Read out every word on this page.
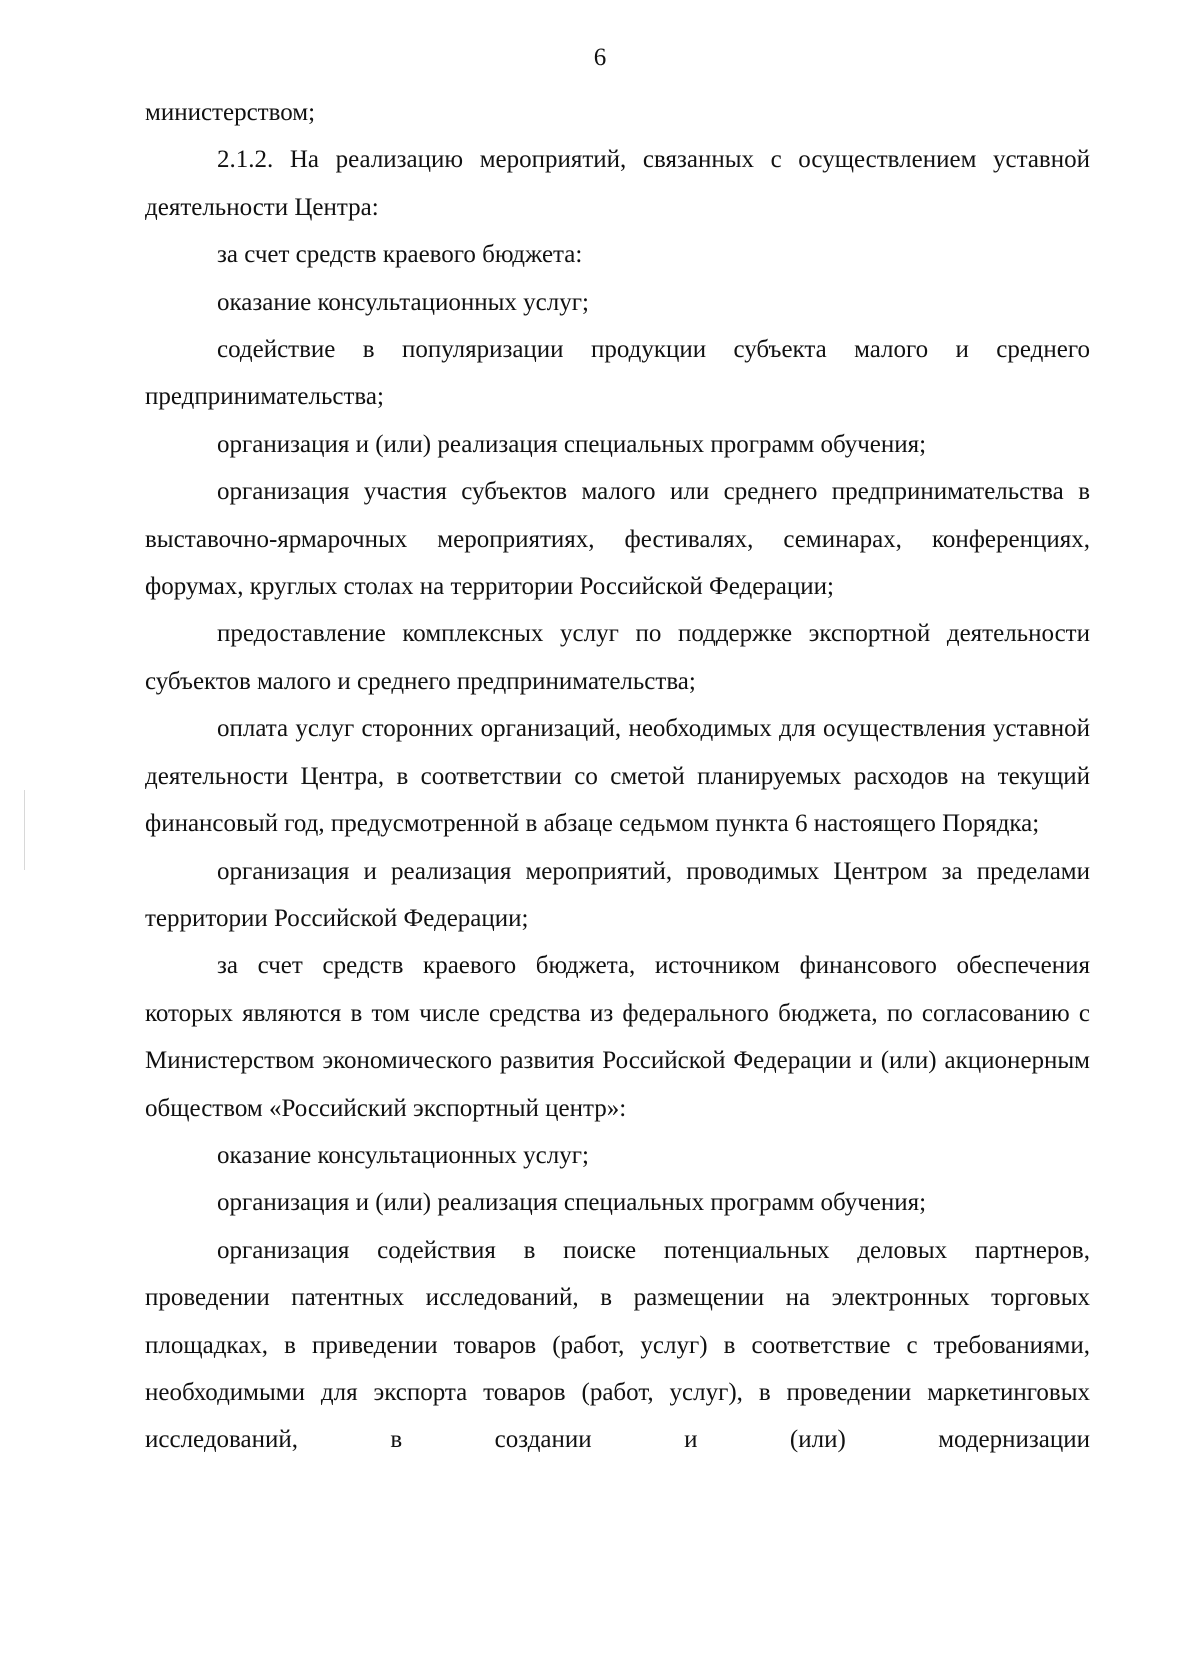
6

министерством;

2.1.2. На реализацию мероприятий, связанных с осуществлением уставной деятельности Центра:

за счет средств краевого бюджета:

оказание консультационных услуг;

содействие в популяризации продукции субъекта малого и среднего предпринимательства;

организация и (или) реализация специальных программ обучения;

организация участия субъектов малого или среднего предпринимательства в выставочно-ярмарочных мероприятиях, фестивалях, семинарах, конференциях, форумах, круглых столах на территории Российской Федерации;

предоставление комплексных услуг по поддержке экспортной деятельности субъектов малого и среднего предпринимательства;

оплата услуг сторонних организаций, необходимых для осуществления уставной деятельности Центра, в соответствии со сметой планируемых расходов на текущий финансовый год, предусмотренной в абзаце седьмом пункта 6 настоящего Порядка;

организация и реализация мероприятий, проводимых Центром за пределами территории Российской Федерации;

за счет средств краевого бюджета, источником финансового обеспечения которых являются в том числе средства из федерального бюджета, по согласованию с Министерством экономического развития Российской Федерации и (или) акционерным обществом «Российский экспортный центр»:

оказание консультационных услуг;

организация и (или) реализация специальных программ обучения;

организация содействия в поиске потенциальных деловых партнеров, проведении патентных исследований, в размещении на электронных торговых площадках, в приведении товаров (работ, услуг) в соответствие с требованиями, необходимыми для экспорта товаров (работ, услуг), в проведении маркетинговых исследований, в создании и (или) модернизации
